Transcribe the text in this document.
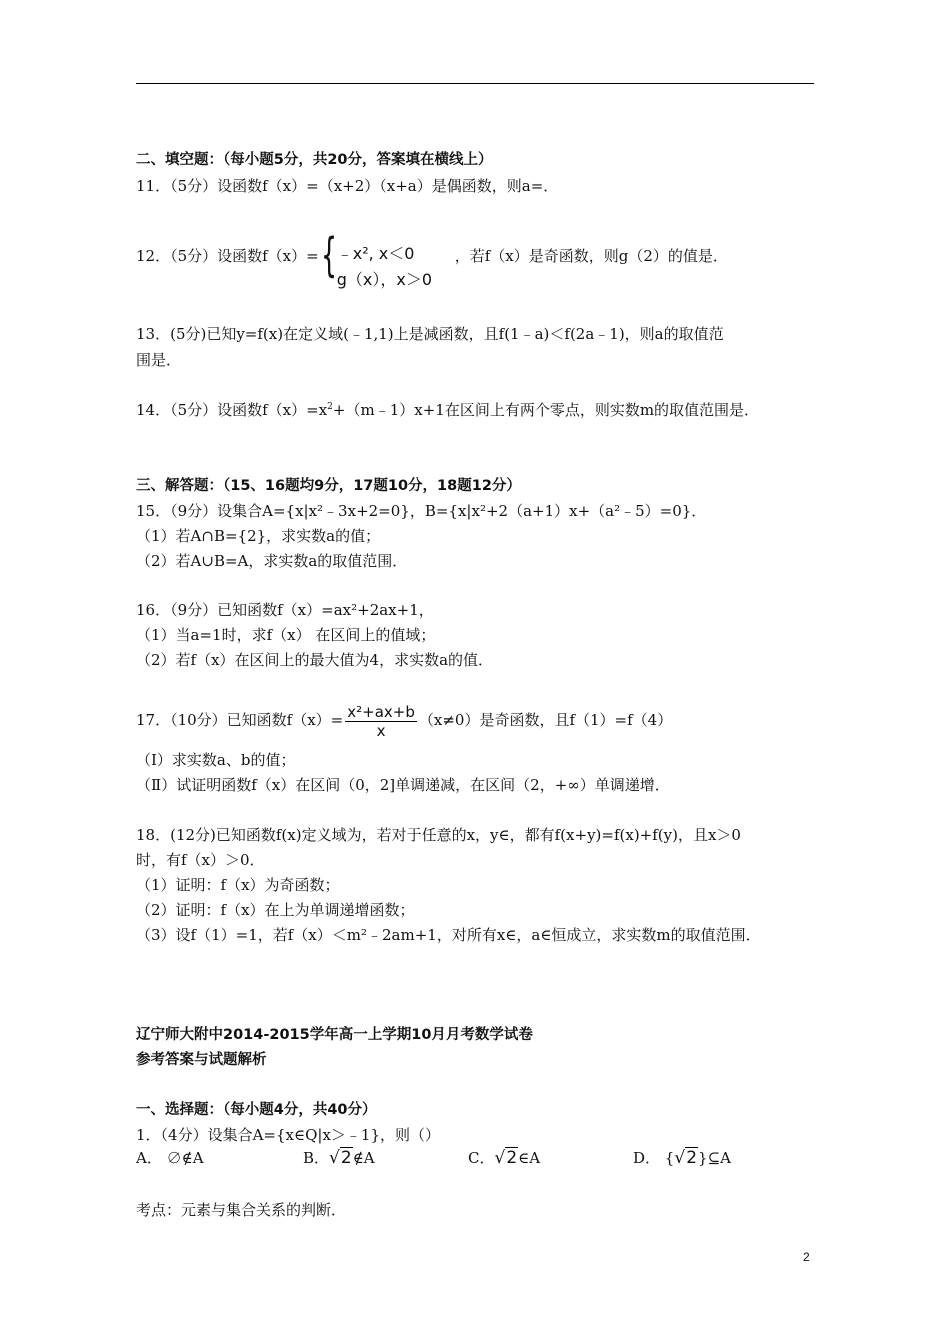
二、填空题：（每小题5分，共20分，答案填在横线上）
11．（5分）设函数f（x）=（x+2）（x+a）是偶函数，则a=．
12．（5分）设函数f（x）= { ﹣x², x＜0
g（x），x＞0
，若f（x）是奇函数，则g（2）的值是．
13．(5分)已知y=f(x)在定义域(﹣1,1)上是减函数，且f(1﹣a)＜f(2a﹣1)，则a的取值范
围是．
14．（5分）设函数$f(x)=x^2+(m﹣1)x+1$在区间上有两个零点，则实数m的取值范围是．
三、解答题：（15、16题均9分，17题10分，18题12分）
15．（9分）设集合A={x|x²﹣3x+2=0}，B={x|x²+2（a+1）x+（a²﹣5）=0}．
（1）若A∩B={2}，求实数a的值；
（2）若A∪B=A，求实数a的取值范围．
16．（9分）已知函数f（x）=ax²+2ax+1，
（1）当a=1时，求f（x） 在区间上的值域；
（2）若f（x）在区间上的最大值为4，求实数a的值．
17．（10分）已知函数$f(x)= \frac{\text{x²+ax+b}}{x} (x\ne 0)$是奇函数，且f（1）=f（4）
（Ⅰ）求实数a、b的值；
（Ⅱ）试证明函数f（x）在区间（0，2]单调递减，在区间（2，+∞）单调递增．
18．(12分)已知函数f(x)定义域为，若对于任意的x，y∈，都有f(x+y)=f(x)+f(y)，且x＞0
时，有f（x）＞0．
（1）证明：f（x）为奇函数；
（2）证明：f（x）在上为单调递增函数；
（3）设f（1）=1，若f（x）＜m²﹣2am+1，对所有x∈，a∈恒成立，求实数m的取值范围．
辽宁师大附中2014-2015学年高一上学期10月月考数学试卷
参考答案与试题解析
一、选择题：（每小题4分，共40分）
1．（4分）设集合A={x∈Q|x＞﹣1}，则（）
A． ∅∉A	B．√2∉A	C．√2∈A	D． {√2}⊆A
考点：元素与集合关系的判断．
2
